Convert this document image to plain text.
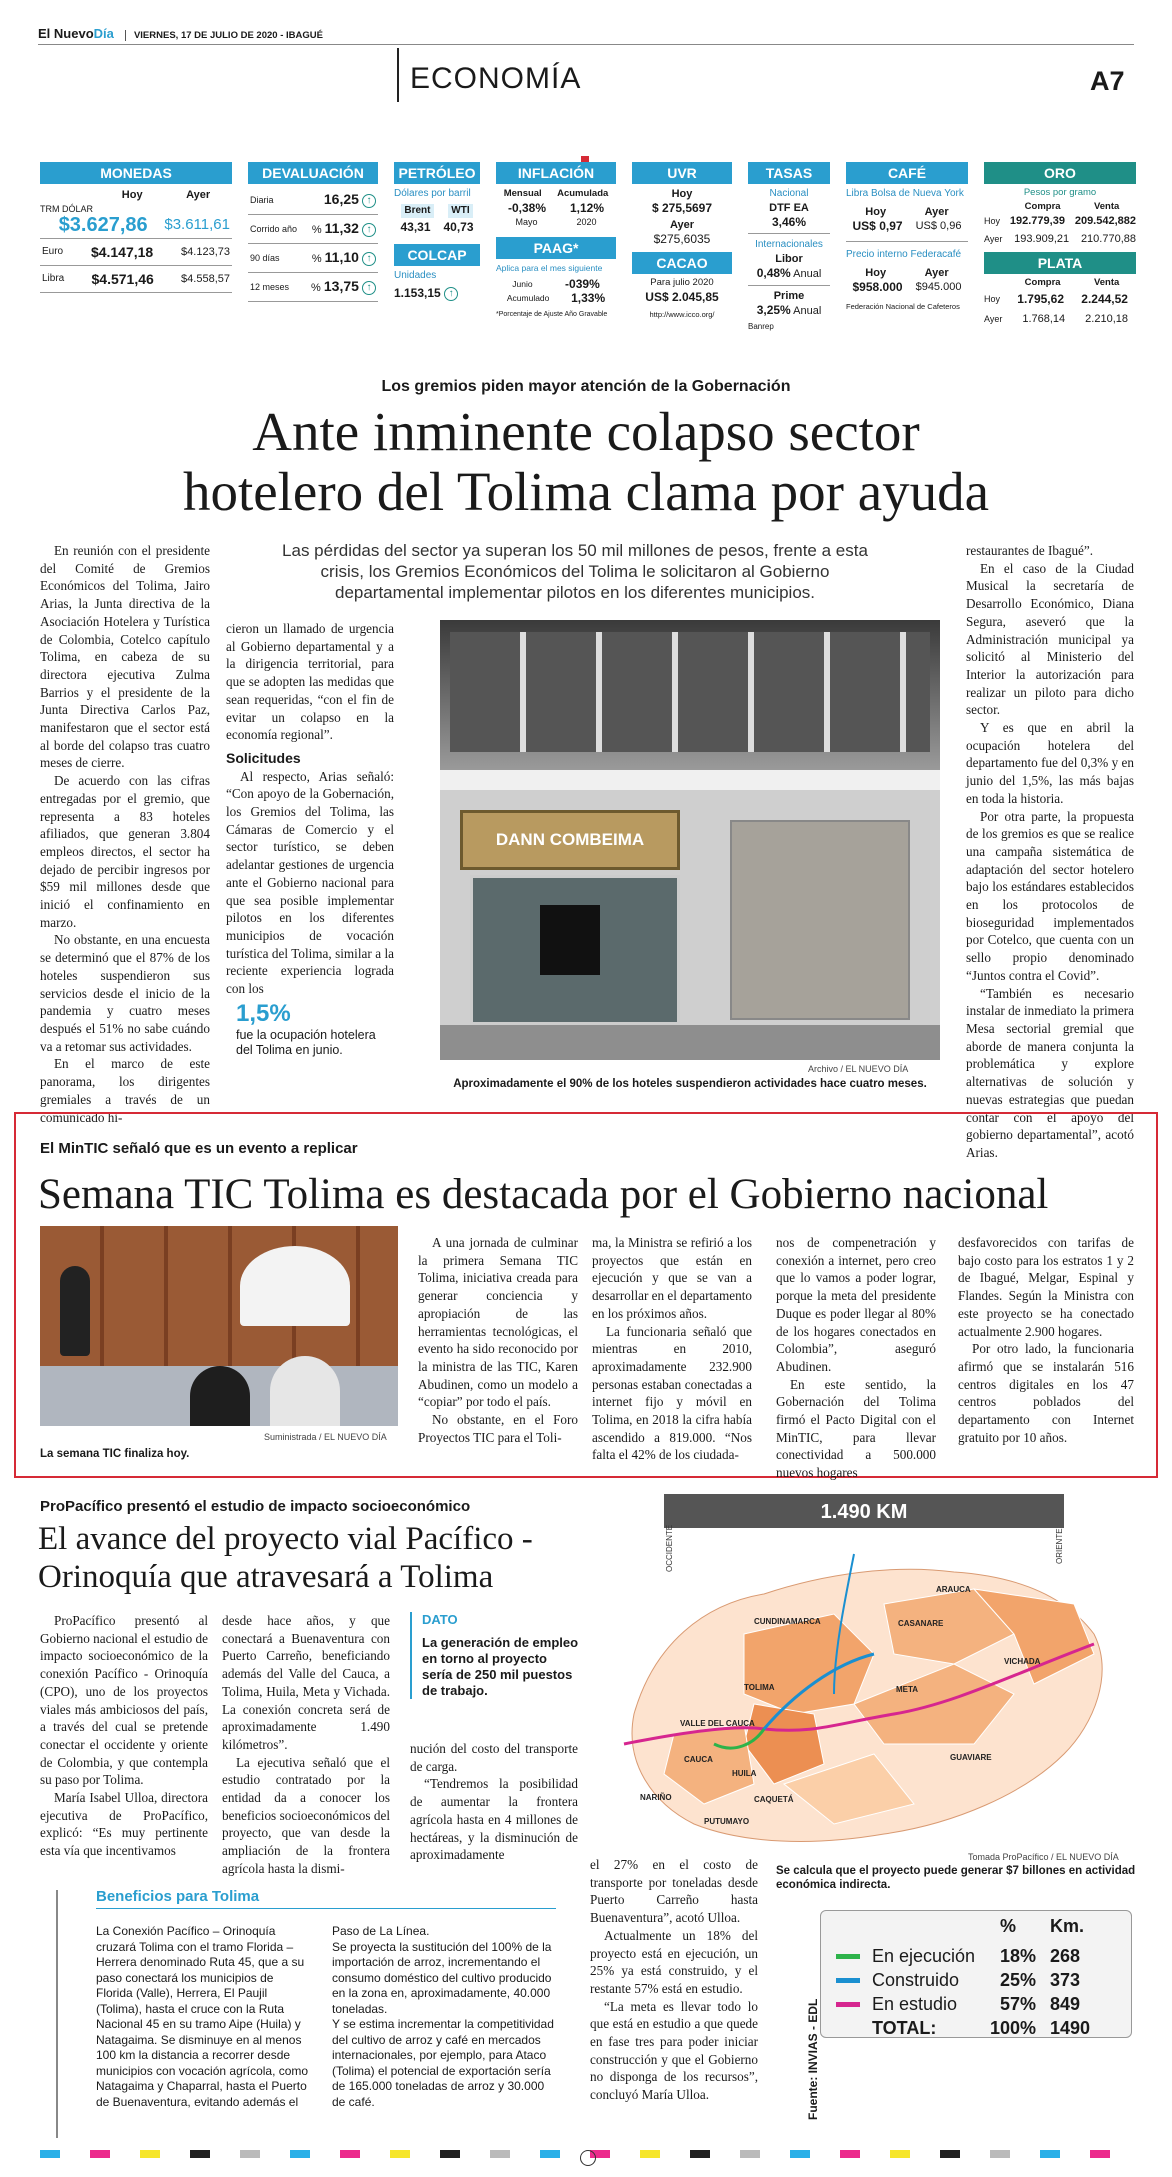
El NuevoDía VIERNES, 17 DE JULIO DE 2020 - IBAGUÉ
ECONOMÍA	A7
MONEDAS
Hoy	Ayer
TRM DÓLAR
$3.627,86 $3.611,61
Euro $4.147,18	$4.123,73
Libra $4.571,46 $4.558,57
DEVALUACIÓN
Diaria	16,25 ↑
Corrido año % 11,32 ↑
90 días	% 11,10 ↑
12 meses % 13,75 ↑
PETRÓLEO
Dólares por barril
Brent	WTI
43,31 40,73
COLCAP
Unidades
1.153,15 ↑
INFLACIÓN
Mensual Acumulada
-0,38% 1,12%
Mayo	2020
PAAG*
Aplica para el mes siguiente
Junio	-039%
Acumulado 1,33%
*Porcentaje de Ajuste Año Gravable
UVR
Hoy
$ 275,5697
Ayer
$275,6035
CACAO
Para julio 2020
US$ 2.045,85
http://www.icco.org/
TASAS
Nacional
DTF EA
3,46%
Internacionales
Libor
0,48% Anual
Prime
3,25% Anual
Banrep
CAFÉ
Libra Bolsa de Nueva York
Hoy	Ayer
US$ 0,97 US$ 0,96
Precio interno Federacafé
Hoy	Ayer
$958.000 $945.000
Federación Nacional de Cafeteros
ORO
Pesos por gramo
Compra	Venta
Hoy 192.779,39 209.542,882
Ayer 193.909,21 210.770,88
PLATA
Compra	Venta
Hoy 1.795,62 2.244,52
Ayer 1.768,14 2.210,18
Los gremios piden mayor atención de la Gobernación
Ante inminente colapso sector
hotelero del Tolima clama por ayuda

En reunión con el presidente del Comité de Gremios Económicos del Tolima, Jairo Arias, la Junta directiva de la Asociación Hotelera y Turística de Colombia, Cotelco capítulo Tolima, en cabeza de su directora ejecutiva Zulma Barrios y el presidente de la Junta Directiva Carlos Paz, manifestaron que el sector está al borde del colapso tras cuatro meses de cierre.

De acuerdo con las cifras entregadas por el gremio, que representa a 83 hoteles afiliados, que generan 3.804 empleos directos, el sector ha dejado de percibir ingresos por $59 mil millones desde que inició el confinamiento en marzo.

No obstante, en una encuesta se determinó que el 87% de los hoteles suspendieron sus servicios desde el inicio de la pandemia y cuatro meses después el 51% no sabe cuándo va a retomar sus actividades.

En el marco de este panorama, los dirigentes gremiales a través de un comunicado hi-

Las pérdidas del sector ya superan los 50 mil millones de pesos, frente a esta crisis, los Gremios Económicos del Tolima le solicitaron al Gobierno departamental implementar pilotos en los diferentes municipios.

cieron un llamado de urgencia al Gobierno departamental y a la dirigencia territorial, para que se adopten las medidas que sean requeridas, “con el fin de evitar un colapso en la economía regional”.

Solicitudes

Al respecto, Arias señaló: “Con apoyo de la Gobernación, los Gremios del Tolima, las Cámaras de Comercio y el sector turístico, se deben adelantar gestiones de urgencia ante el Gobierno nacional para que sea posible implementar pilotos en los diferentes municipios de vocación turística del Tolima, similar a la reciente experiencia lograda con los

1,5%
fue la ocupación hotelera del Tolima en junio.
DANN COMBEIMA
Archivo / EL NUEVO DÍA
Aproximadamente el 90% de los hoteles suspendieron actividades hace cuatro meses.

restaurantes de Ibagué”.

En el caso de la Ciudad Musical la secretaría de Desarrollo Económico, Diana Segura, aseveró que la Administración municipal ya solicitó al Ministerio del Interior la autorización para realizar un piloto para dicho sector.

Y es que en abril la ocupación hotelera del departamento fue del 0,3% y en junio del 1,5%, las más bajas en toda la historia.

Por otra parte, la propuesta de los gremios es que se realice una campaña sistemática de adaptación del sector hotelero bajo los estándares establecidos en los protocolos de bioseguridad implementados por Cotelco, que cuenta con un sello propio denominado “Juntos contra el Covid”.

“También es necesario instalar de inmediato la primera Mesa sectorial gremial que aborde de manera conjunta la problemática y explore alternativas de solución y nuevas estrategias que puedan contar con el apoyo del gobierno departamental”, acotó Arias.

El MinTIC señaló que es un evento a replicar
Semana TIC Tolima es destacada por el Gobierno nacional
Suministrada / EL NUEVO DÍA
La semana TIC finaliza hoy.

A una jornada de culminar la primera Semana TIC Tolima, iniciativa creada para generar conciencia y apropiación de las herramientas tecnológicas, el evento ha sido reconocido por la ministra de las TIC, Karen Abudinen, como un modelo a “copiar” por todo el país.

No obstante, en el Foro Proyectos TIC para el Toli-

ma, la Ministra se refirió a los proyectos que están en ejecución y que se van a desarrollar en el departamento en los próximos años.

La funcionaria señaló que mientras en 2010, aproximadamente 232.900 personas estaban conectadas a internet fijo y móvil en Tolima, en 2018 la cifra había ascendido a 819.000. “Nos falta el 42% de los ciudada-

nos de compenetración y conexión a internet, pero creo que lo vamos a poder lograr, porque la meta del presidente Duque es poder llegar al 80% de los hogares conectados en Colombia”, aseguró Abudinen.

En este sentido, la Gobernación del Tolima firmó el Pacto Digital con el MinTIC, para llevar conectividad a 500.000 nuevos hogares

desfavorecidos con tarifas de bajo costo para los estratos 1 y 2 de Ibagué, Melgar, Espinal y Flandes. Según la Ministra con este proyecto se ha conectado actualmente 2.900 hogares.

Por otro lado, la funcionaria afirmó que se instalarán 516 centros digitales en los 47 centros poblados del departamento con Internet gratuito por 10 años.

ProPacífico presentó el estudio de impacto socioeconómico
El avance del proyecto vial Pacífico -
Orinoquía que atravesará a Tolima

ProPacífico presentó al Gobierno nacional el estudio de impacto socioeconómico de la conexión Pacífico - Orinoquía (CPO), uno de los proyectos viales más ambiciosos del país, a través del cual se pretende conectar el occidente y oriente de Colombia, y que contempla su paso por Tolima.

María Isabel Ulloa, directora ejecutiva de ProPacífico, explicó: “Es muy pertinente esta vía que incentivamos

desde hace años, y que conectará a Buenaventura con Puerto Carreño, beneficiando además del Valle del Cauca, a Tolima, Huila, Meta y Vichada. La conexión concreta será de aproximadamente 1.490 kilómetros”.

La ejecutiva señaló que el estudio contratado por la entidad da a conocer los beneficios socioeconómicos del proyecto, que van desde la ampliación de la frontera agrícola hasta la dismi-

DATO
La generación de empleo en torno al proyecto sería de 250 mil puestos de trabajo.

nución del costo del transporte de carga.

“Tendremos la posibilidad de aumentar la frontera agrícola hasta en 4 millones de hectáreas, y la disminución de aproximadamente

1.490 KM
OCCIDENTE	ORIENTE
ARAUCA
CASANARE
CUNDINAMARCA
VICHADA
TOLIMA	META
VALLE DEL CAUCA
CAUCA
HUILA
GUAVIARE
NARIÑO	CAQUETÁ
PUTUMAYO
Tomada ProPacífico / EL NUEVO DÍA
Se calcula que el proyecto puede generar $7 billones en actividad económica indirecta.
Beneficios para Tolima
La Conexión Pacífico – Orinoquía cruzará Tolima con el tramo Florida – Herrera denominado Ruta 45, que a su paso conectará los municipios de Florida (Valle), Herrera, El Paujil (Tolima), hasta el cruce con la Ruta Nacional 45 en su tramo Aipe (Huila) y Natagaima. Se disminuye en al menos 100 km la distancia a recorrer desde municipios con vocación agrícola, como Natagaima y Chaparral, hasta el Puerto de Buenaventura, evitando además el
Paso de La Línea.
Se proyecta la sustitución del 100% de la importación de arroz, incrementando el consumo doméstico del cultivo producido en la zona en, aproximadamente, 40.000 toneladas.
Y se estima incrementar la competitividad del cultivo de arroz y café en mercados internacionales, por ejemplo, para Ataco (Tolima) el potencial de exportación sería de 165.000 toneladas de arroz y 30.000 de café.

el 27% en el costo de transporte por toneladas desde Puerto Carreño hasta Buenaventura”, acotó Ulloa.

Actualmente un 18% del proyecto está en ejecución, un 25% ya está construido, y el restante 57% está en estudio.

“La meta es llevar todo lo que está en estudio a que quede en fase tres para poder iniciar construcción y que el Gobierno no disponga de los recursos”, concluyó María Ulloa.	Fuente: INVIAS - EDL
% Km.
En ejecución 18% 268
Construido 25% 373
En estudio 57% 849
TOTAL:	100% 1490
